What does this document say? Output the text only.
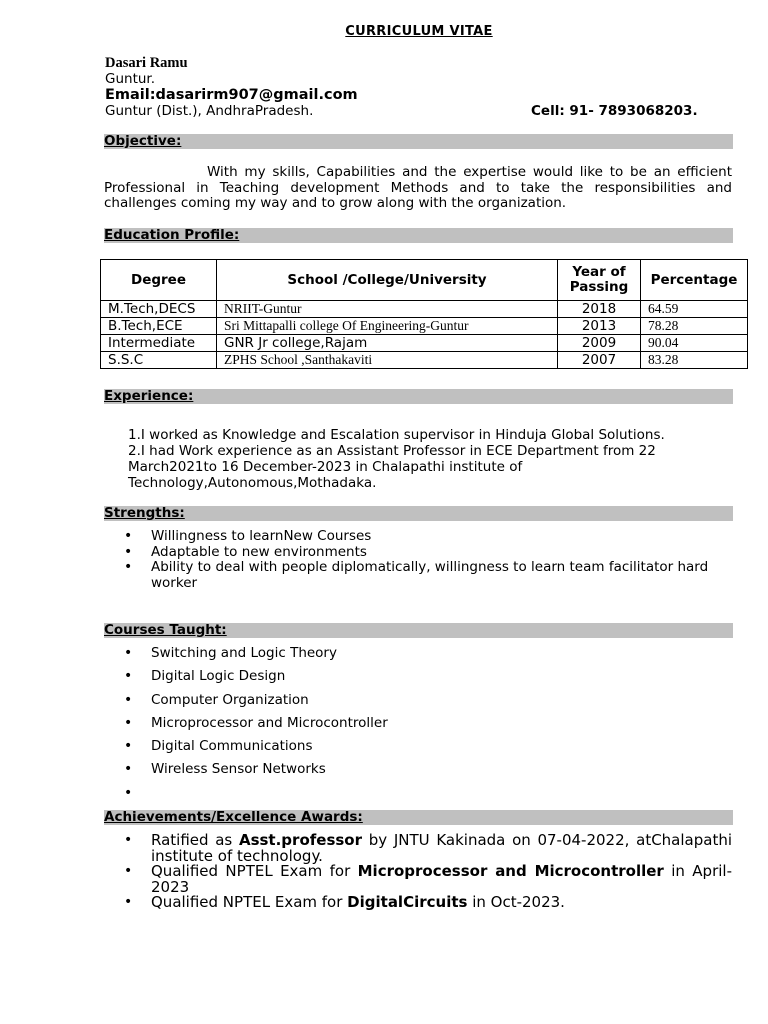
CURRICULUM VITAE
Dasari Ramu
Guntur.
Email:dasarirm907@gmail.com
Guntur (Dist.), AndhraPradesh.	Cell: 91- 7893068203.
Objective:
With my skills, Capabilities and the expertise would like to be an efficient Professional in Teaching development Methods and to take the responsibilities and challenges coming my way and to grow along with the organization.
Education Profile:
Degree	School /College/University	Year of Passing	Percentage
M.Tech,DECS	NRIIT-Guntur	2018	64.59
B.Tech,ECE	Sri Mittapalli college Of Engineering-Guntur	2013	78.28
Intermediate	GNR Jr college,Rajam	2009	90.04
S.S.C	ZPHS School ,Santhakaviti	2007	83.28
Experience:
1.I worked as Knowledge and Escalation supervisor in Hinduja Global Solutions.
2.I had Work experience as an Assistant Professor in ECE Department from 22 March2021to 16 December-2023 in Chalapathi institute of Technology,Autonomous,Mothadaka.
Strengths:
• Willingness to learnNew Courses
• Adaptable to new environments
• Ability to deal with people diplomatically, willingness to learn team facilitator hard worker
Courses Taught:
• Switching and Logic Theory
• Digital Logic Design
• Computer Organization
• Microprocessor and Microcontroller
• Digital Communications
• Wireless Sensor Networks
•
Achievements/Excellence Awards:
• Ratified as Asst.professor by JNTU Kakinada on 07-04-2022, atChalapathi institute of technology.
• Qualified NPTEL Exam for Microprocessor and Microcontroller in April-2023
• Qualified NPTEL Exam for DigitalCircuits in Oct-2023.
